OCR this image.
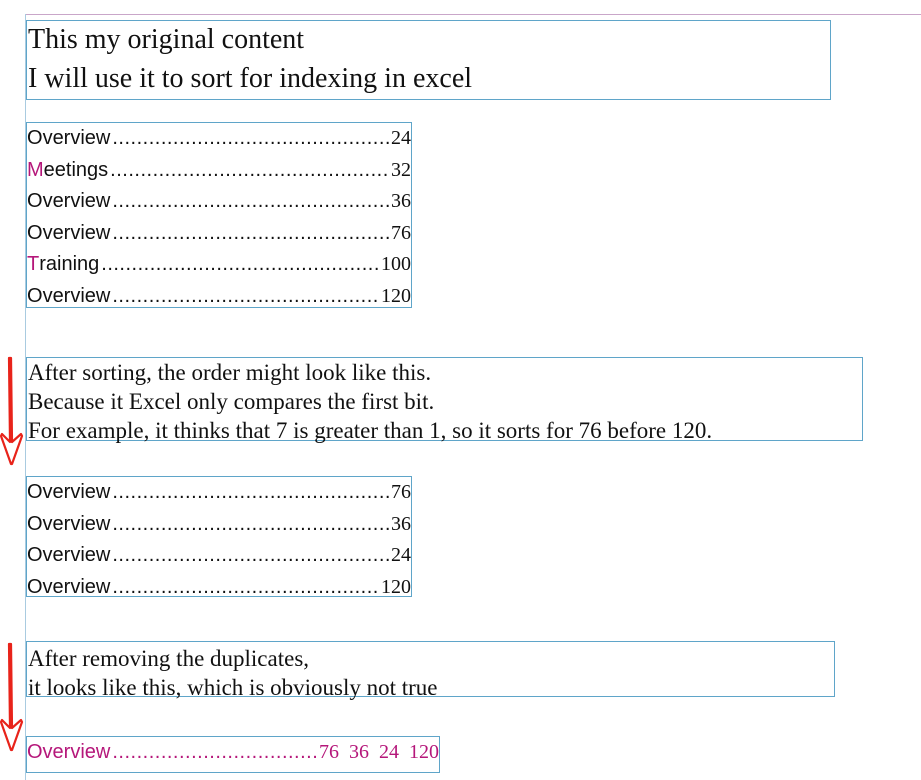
This my original content
I will use it to sort for indexing in excel
O verview .....	24
M eetings .....	32
O verview .....	36
O verview .....	76
T raining .....	100
O verview .....	120
After sorting, the order might look like this.
Because it Excel only compares the first bit.
For example, it thinks that 7 is greater than 1, so it sorts for 76 before 120.
Overview .....	76
Overview .....	36
Overview .....	24
Overview .....	120
After removing the duplicates,
it looks like this, which is obviously not true
Overview .....	76  36  24  120
